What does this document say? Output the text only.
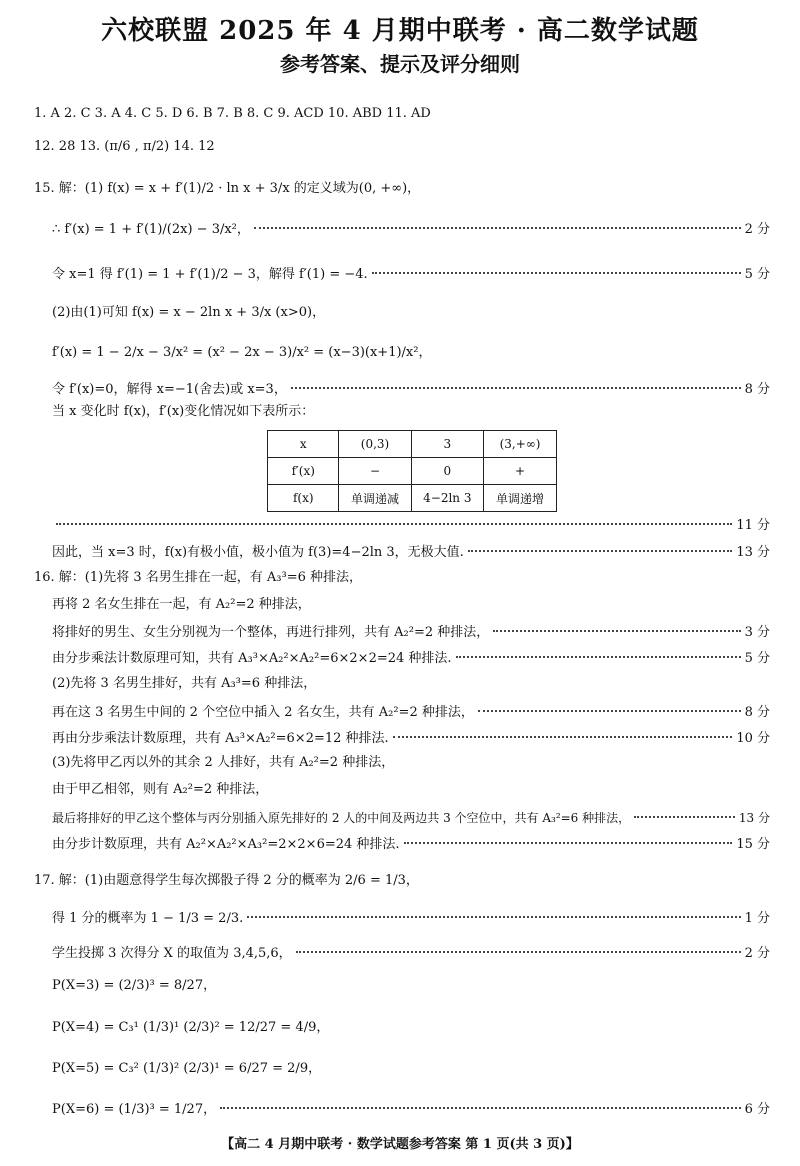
六校联盟 2025 年 4 月期中联考 · 高二数学试题
参考答案、提示及评分细则
1. A 2. C 3. A 4. C 5. D 6. B 7. B 8. C 9. ACD 10. ABD 11. AD
12. 28 13. (π/6 , π/2) 14. 12
15. 解：(1) f(x) = x + f′(1)/2 · ln x + 3/x 的定义域为(0, +∞)，
∴ f′(x) = 1 + f′(1)/(2x) − 3/x²，	2 分
令 x=1 得 f′(1) = 1 + f′(1)/2 − 3，解得 f′(1) = −4.	5 分
(2)由(1)可知 f(x) = x − 2ln x + 3/x (x>0)，
f′(x) = 1 − 2/x − 3/x² = (x² − 2x − 3)/x² = (x−3)(x+1)/x²，
令 f′(x)=0，解得 x=−1(舍去)或 x=3，	8 分
当 x 变化时 f(x)，f′(x)变化情况如下表所示：
x	(0,3)	3	(3,+∞)
f′(x)	−	0	+
f(x)	单调递减	4−2ln 3	单调递增
11 分
因此，当 x=3 时，f(x)有极小值，极小值为 f(3)=4−2ln 3，无极大值.	13 分
16. 解：(1)先将 3 名男生排在一起，有 A₃³=6 种排法，
再将 2 名女生排在一起，有 A₂²=2 种排法，
将排好的男生、女生分别视为一个整体，再进行排列，共有 A₂²=2 种排法，	3 分
由分步乘法计数原理可知，共有 A₃³×A₂²×A₂²=6×2×2=24 种排法.	5 分
(2)先将 3 名男生排好，共有 A₃³=6 种排法，
再在这 3 名男生中间的 2 个空位中插入 2 名女生，共有 A₂²=2 种排法，	8 分
再由分步乘法计数原理，共有 A₃³×A₂²=6×2=12 种排法.	10 分
(3)先将甲乙丙以外的其余 2 人排好，共有 A₂²=2 种排法，
由于甲乙相邻，则有 A₂²=2 种排法，
最后将排好的甲乙这个整体与丙分别插入原先排好的 2 人的中间及两边共 3 个空位中，共有 A₃²=6 种排法，	13 分
由分步计数原理，共有 A₂²×A₂²×A₃²=2×2×6=24 种排法.	15 分
17. 解：(1)由题意得学生每次掷骰子得 2 分的概率为 2/6 = 1/3，
得 1 分的概率为 1 − 1/3 = 2/3.	1 分
学生投掷 3 次得分 X 的取值为 3,4,5,6，	2 分
P(X=3) = (2/3)³ = 8/27，
P(X=4) = C₃¹ (1/3)¹ (2/3)² = 12/27 = 4/9，
P(X=5) = C₃² (1/3)² (2/3)¹ = 6/27 = 2/9，
P(X=6) = (1/3)³ = 1/27，	6 分
【高二 4 月期中联考 · 数学试题参考答案 第 1 页(共 3 页)】
